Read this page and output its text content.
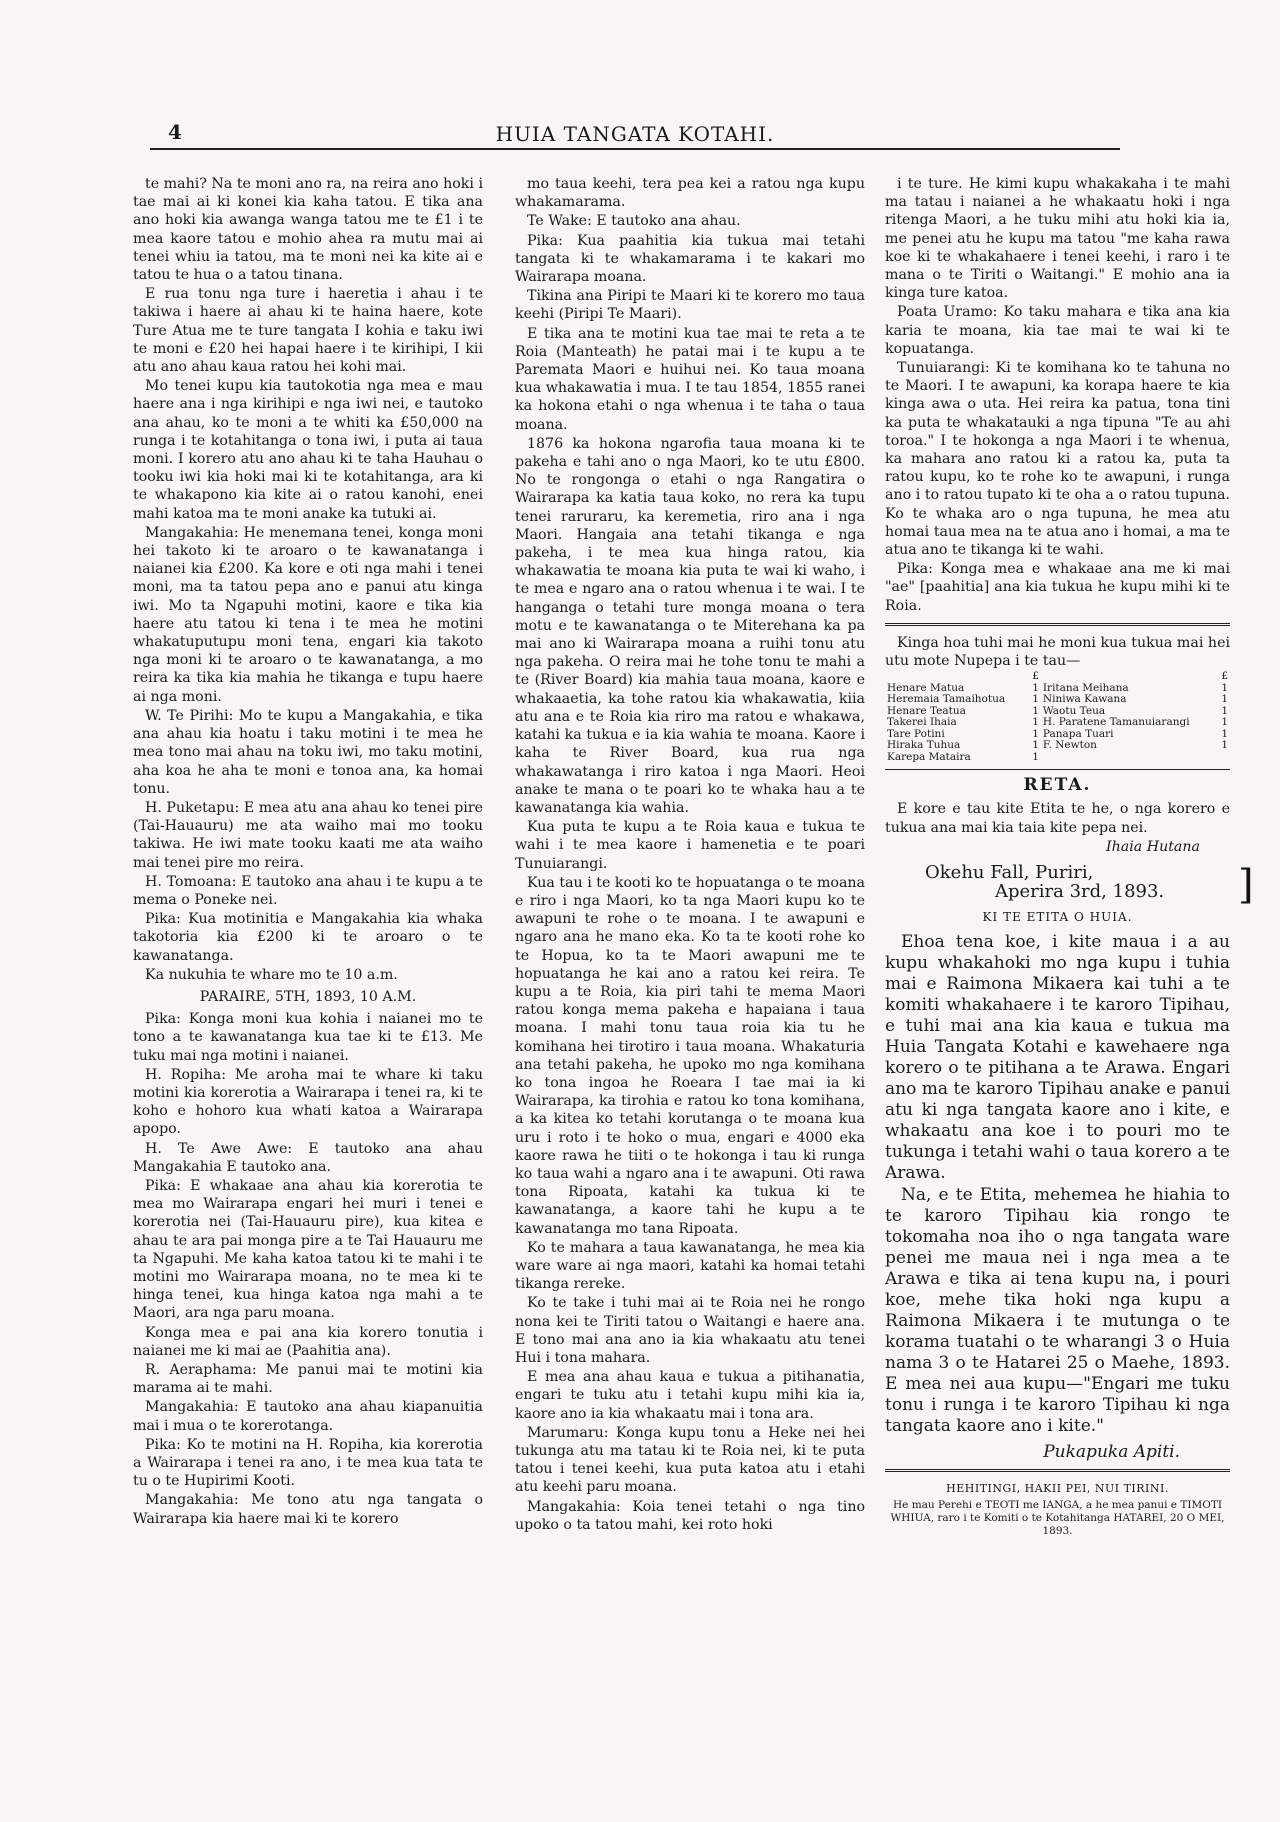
4	HUIA TANGATA KOTAHI.

te mahi? Na te moni ano ra, na reira ano hoki i tae mai ai ki konei kia kaha tatou. E tika ana ano hoki kia awanga wanga tatou me te £1 i te mea kaore tatou e mohio ahea ra mutu mai ai tenei whiu ia tatou, ma te moni nei ka kite ai e tatou te hua o a tatou tinana.

E rua tonu nga ture i haeretia i ahau i te takiwa i haere ai ahau ki te haina haere, kote Ture Atua me te ture tangata I kohia e taku iwi te moni e £20 hei hapai haere i te kirihipi, I kii atu ano ahau kaua ratou hei kohi mai.

Mo tenei kupu kia tautokotia nga mea e mau haere ana i nga kirihipi e nga iwi nei, e tautoko ana ahau, ko te moni a te whiti ka £50,000 na runga i te kotahitanga o tona iwi, i puta ai taua moni. I korero atu ano ahau ki te taha Hauhau o tooku iwi kia hoki mai ki te kotahitanga, ara ki te whakapono kia kite ai o ratou kanohi, enei mahi katoa ma te moni anake ka tutuki ai.

Mangakahia: He menemana tenei, konga moni hei takoto ki te aroaro o te kawanatanga i naianei kia £200. Ka kore e oti nga mahi i tenei moni, ma ta tatou pepa ano e panui atu kinga iwi. Mo ta Ngapuhi motini, kaore e tika kia haere atu tatou ki tena i te mea he motini whakatuputupu moni tena, engari kia takoto nga moni ki te aroaro o te kawanatanga, a mo reira ka tika kia mahia he tikanga e tupu haere ai nga moni.

W. Te Pirihi: Mo te kupu a Mangakahia, e tika ana ahau kia hoatu i taku motini i te mea he mea tono mai ahau na toku iwi, mo taku motini, aha koa he aha te moni e tonoa ana, ka homai tonu.

H. Puketapu: E mea atu ana ahau ko tenei pire (Tai-Hauauru) me ata waiho mai mo tooku takiwa. He iwi mate tooku kaati me ata waiho mai tenei pire mo reira.

H. Tomoana: E tautoko ana ahau i te kupu a te mema o Poneke nei.

Pika: Kua motinitia e Mangakahia kia whaka takotoria kia £200 ki te aroaro o te kawanatanga.

Ka nukuhia te whare mo te 10 a.m.

PARAIRE, 5TH, 1893, 10 A.M.

Pika: Konga moni kua kohia i naianei mo te tono a te kawanatanga kua tae ki te £13. Me tuku mai nga motini i naianei.

H. Ropiha: Me aroha mai te whare ki taku motini kia korerotia a Wairarapa i tenei ra, ki te koho e hohoro kua whati katoa a Wairarapa apopo.

H. Te Awe Awe: E tautoko ana ahau Mangakahia E tautoko ana.

Pika: E whakaae ana ahau kia korerotia te mea mo Wairarapa engari hei muri i tenei e korerotia nei (Tai-Hauauru pire), kua kitea e ahau te ara pai monga pire a te Tai Hauauru me ta Ngapuhi. Me kaha katoa tatou ki te mahi i te motini mo Wairarapa moana, no te mea ki te hinga tenei, kua hinga katoa nga mahi a te Maori, ara nga paru moana.

Konga mea e pai ana kia korero tonutia i naianei me ki mai ae (Paahitia ana).

R. Aeraphama: Me panui mai te motini kia marama ai te mahi.

Mangakahia: E tautoko ana ahau kiapanuitia mai i mua o te korerotanga.

Pika: Ko te motini na H. Ropiha, kia korerotia a Wairarapa i tenei ra ano, i te mea kua tata te tu o te Hupirimi Kooti.

Mangakahia: Me tono atu nga tangata o Wairarapa kia haere mai ki te korero

mo taua keehi, tera pea kei a ratou nga kupu whakamarama.

Te Wake: E tautoko ana ahau.

Pika: Kua paahitia kia tukua mai tetahi tangata ki te whakamarama i te kakari mo Wairarapa moana.

Tikina ana Piripi te Maari ki te korero mo taua keehi (Piripi Te Maari).

E tika ana te motini kua tae mai te reta a te Roia (Manteath) he patai mai i te kupu a te Paremata Maori e huihui nei. Ko taua moana kua whakawatia i mua. I te tau 1854, 1855 ranei ka hokona etahi o nga whenua i te taha o taua moana.

1876 ka hokona ngarofia taua moana ki te pakeha e tahi ano o nga Maori, ko te utu £800. No te rongonga o etahi o nga Rangatira o Wairarapa ka katia taua koko, no rera ka tupu tenei raruraru, ka keremetia, riro ana i nga Maori. Hangaia ana tetahi tikanga e nga pakeha, i te mea kua hinga ratou, kia whakawatia te moana kia puta te wai ki waho, i te mea e ngaro ana o ratou whenua i te wai. I te hanganga o tetahi ture monga moana o tera motu e te kawanatanga o te Miterehana ka pa mai ano ki Wairarapa moana a ruihi tonu atu nga pakeha. O reira mai he tohe tonu te mahi a te (River Board) kia mahia taua moana, kaore e whakaaetia, ka tohe ratou kia whakawatia, kiia atu ana e te Roia kia riro ma ratou e whakawa, katahi ka tukua e ia kia wahia te moana. Kaore i kaha te River Board, kua rua nga whakawatanga i riro katoa i nga Maori. Heoi anake te mana o te poari ko te whaka hau a te kawanatanga kia wahia.

Kua puta te kupu a te Roia kaua e tukua te wahi i te mea kaore i hamenetia e te poari Tunuiarangi.

Kua tau i te kooti ko te hopuatanga o te moana e riro i nga Maori, ko ta nga Maori kupu ko te awapuni te rohe o te moana. I te awapuni e ngaro ana he mano eka. Ko ta te kooti rohe ko te Hopua, ko ta te Maori awapuni me te hopuatanga he kai ano a ratou kei reira. Te kupu a te Roia, kia piri tahi te mema Maori ratou konga mema pakeha e hapaiana i taua moana. I mahi tonu taua roia kia tu he komihana hei tirotiro i taua moana. Whakaturia ana tetahi pakeha, he upoko mo nga komihana ko tona ingoa he Roeara I tae mai ia ki Wairarapa, ka tirohia e ratou ko tona komihana, a ka kitea ko tetahi korutanga o te moana kua uru i roto i te hoko o mua, engari e 4000 eka kaore rawa he tiiti o te hokonga i tau ki runga ko taua wahi a ngaro ana i te awapuni. Oti rawa tona Ripoata, katahi ka tukua ki te kawanatanga, a kaore tahi he kupu a te kawanatanga mo tana Ripoata.

Ko te mahara a taua kawanatanga, he mea kia ware ware ai nga maori, katahi ka homai tetahi tikanga rereke.

Ko te take i tuhi mai ai te Roia nei he rongo nona kei te Tiriti tatou o Waitangi e haere ana. E tono mai ana ano ia kia whakaatu atu tenei Hui i tona mahara.

E mea ana ahau kaua e tukua a pitihanatia, engari te tuku atu i tetahi kupu mihi kia ia, kaore ano ia kia whakaatu mai i tona ara.

Marumaru: Konga kupu tonu a Heke nei hei tukunga atu ma tatau ki te Roia nei, ki te puta tatou i tenei keehi, kua puta katoa atu i etahi atu keehi paru moana.

Mangakahia: Koia tenei tetahi o nga tino upoko o ta tatou mahi, kei roto hoki

i te ture. He kimi kupu whakakaha i te mahi ma tatau i naianei a he whakaatu hoki i nga ritenga Maori, a he tuku mihi atu hoki kia ia, me penei atu he kupu ma tatou "me kaha rawa koe ki te whakahaere i tenei keehi, i raro i te mana o te Tiriti o Waitangi." E mohio ana ia kinga ture katoa.

Poata Uramo: Ko taku mahara e tika ana kia karia te moana, kia tae mai te wai ki te kopuatanga.

Tunuiarangi: Ki te komihana ko te tahuna no te Maori. I te awapuni, ka korapa haere te kia kinga awa o uta. Hei reira ka patua, tona tini ka puta te whakatauki a nga tipuna "Te au ahi toroa." I te hokonga a nga Maori i te whenua, ka mahara ano ratou ki a ratou ka, puta ta ratou kupu, ko te rohe ko te awapuni, i runga ano i to ratou tupato ki te oha a o ratou tupuna. Ko te whaka aro o nga tupuna, he mea atu homai taua mea na te atua ano i homai, a ma te atua ano te tikanga ki te wahi.

Pika: Konga mea e whakaae ana me ki mai "ae" [paahitia] ana kia tukua he kupu mihi ki te Roia.

Kinga hoa tuhi mai he moni kua tukua mai hei utu mote Nupepa i te tau—

	£		£
Henare Matua	1	Iritana Meihana	1
Heremaia Tamaihotua	1	Niniwa Kawana	1
Henare Teatua	1	Waotu Teua	1
Takerei Ihaia	1	H. Paratene Tamanuiarangi	1
Tare Potini	1	Panapa Tuari	1
Hiraka Tuhua	1	F. Newton	1
Karepa Mataira	1		

RETA.

E kore e tau kite Etita te he, o nga korero e tukua ana mai kia taia kite pepa nei.

Ihaia Hutana

Okehu Fall, Puriri,

Aperira 3rd, 1893.

KI TE ETITA O HUIA.

Ehoa tena koe, i kite maua i a au kupu whakahoki mo nga kupu i tuhia mai e Raimona Mikaera kai tuhi a te komiti whakahaere i te karoro Tipihau, e tuhi mai ana kia kaua e tukua ma Huia Tangata Kotahi e kawehaere nga korero o te pitihana a te Arawa. Engari ano ma te karoro Tipihau anake e panui atu ki nga tangata kaore ano i kite, e whakaatu ana koe i to pouri mo te tukunga i tetahi wahi o taua korero a te Arawa.

Na, e te Etita, mehemea he hiahia to te karoro Tipihau kia rongo te tokomaha noa iho o nga tangata ware penei me maua nei i nga mea a te Arawa e tika ai tena kupu na, i pouri koe, mehe tika hoki nga kupu a Raimona Mikaera i te mutunga o te korama tuatahi o te wharangi 3 o Huia nama 3 o te Hatarei 25 o Maehe, 1893. E mea nei aua kupu—"Engari me tuku tonu i runga i te karoro Tipihau ki nga tangata kaore ano i kite."

Pukapuka Apiti.

HEHITINGI, HAKII PEI, NUI TIRINI.

He mau Perehi e TEOTI me IANGA, a he mea panui e TIMOTI WHIUA, raro i te Komiti o te Kotahitanga HATAREI, 20 O MEI, 1893.

]
